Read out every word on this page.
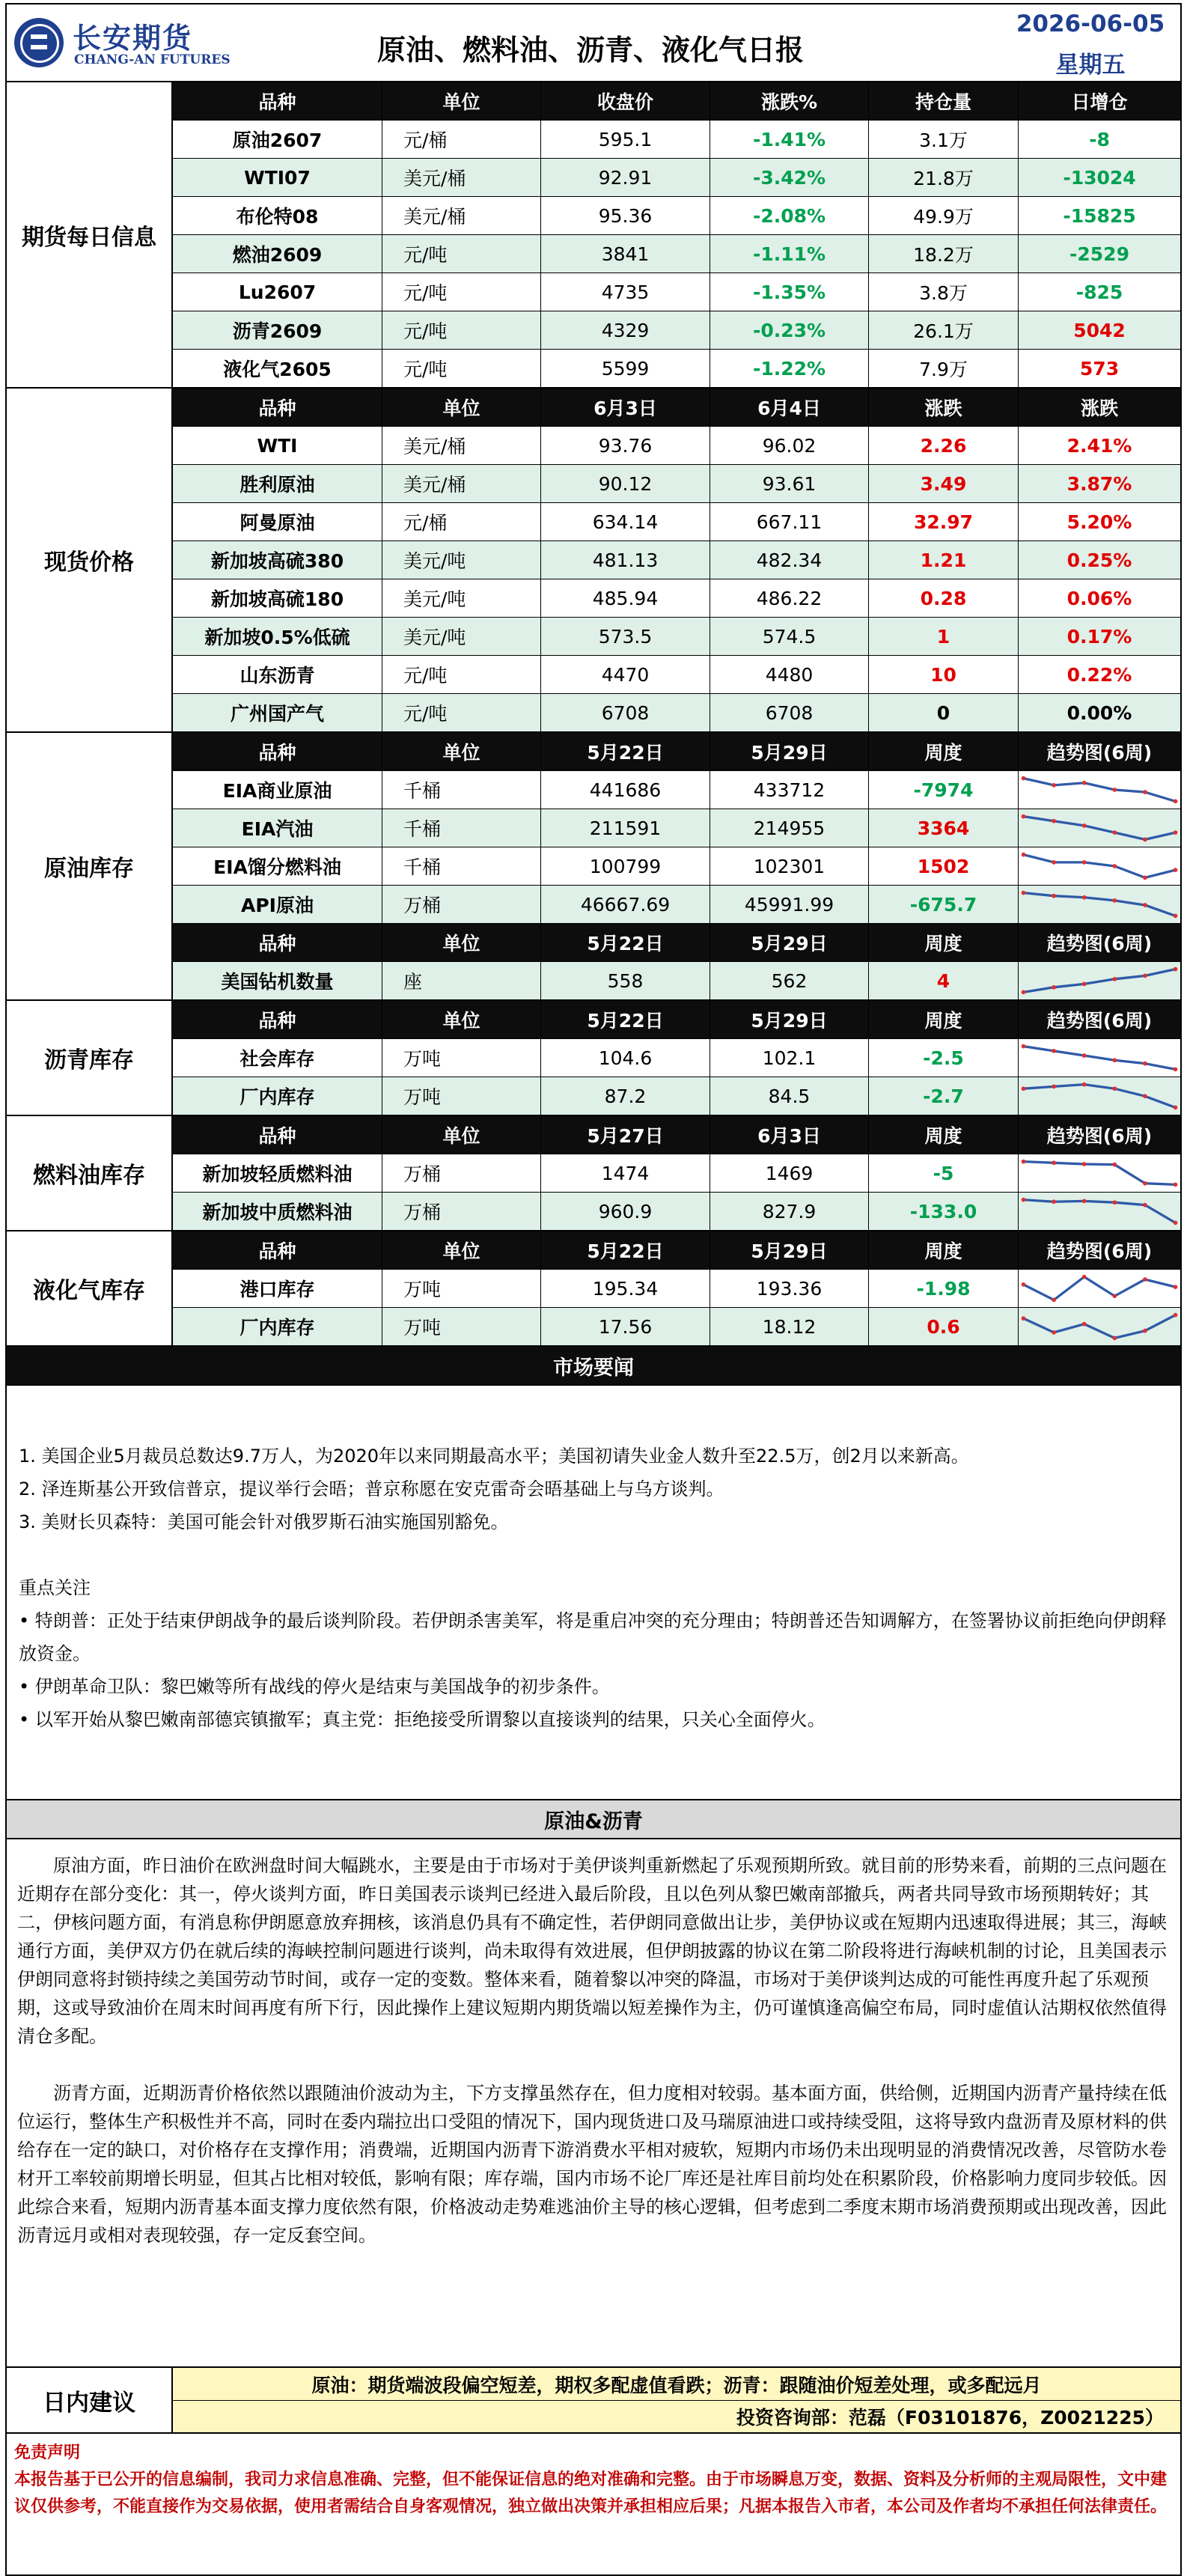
长安期货
CHANG-AN FUTURES	原油、燃料油、沥青、液化气日报
2026-06-05
星期五
期货每日信息
品种	单位	收盘价	涨跌%	持仓量	日增仓
原油2607	元/桶	595.1	-1.41%	3.1万	-8
WTI07	美元/桶	92.91	-3.42%	21.8万	-13024
布伦特08	美元/桶	95.36	-2.08%	49.9万	-15825
燃油2609	元/吨	3841	-1.11%	18.2万	-2529
Lu2607	元/吨	4735	-1.35%	3.8万	-825
沥青2609	元/吨	4329	-0.23%	26.1万	5042
液化气2605	元/吨	5599	-1.22%	7.9万	573
现货价格
品种	单位	6月3日	6月4日	涨跌	涨跌
WTI	美元/桶	93.76	96.02	2.26	2.41%
胜利原油	美元/桶	90.12	93.61	3.49	3.87%
阿曼原油	元/桶	634.14	667.11	32.97	5.20%
新加坡高硫380	美元/吨	481.13	482.34	1.21	0.25%
新加坡高硫180	美元/吨	485.94	486.22	0.28	0.06%
新加坡0.5%低硫	美元/吨	573.5	574.5	1	0.17%
山东沥青	元/吨	4470	4480	10	0.22%
广州国产气	元/吨	6708	6708	0	0.00%
原油库存
品种	单位	5月22日	5月29日	周度	趋势图(6周)
EIA商业原油	千桶	441686	433712	-7974
EIA汽油	千桶	211591	214955	3364
EIA馏分燃料油	千桶	100799	102301	1502
API原油	万桶	46667.69	45991.99	-675.7
品种	单位	5月22日	5月29日	周度	趋势图(6周)
美国钻机数量	座	558	562	4
沥青库存
品种	单位	5月22日	5月29日	周度	趋势图(6周)
社会库存	万吨	104.6	102.1	-2.5
厂内库存	万吨	87.2	84.5	-2.7
燃料油库存
品种	单位	5月27日	6月3日	周度	趋势图(6周)
新加坡轻质燃料油	万桶	1474	1469	-5
新加坡中质燃料油	万桶	960.9	827.9	-133.0
液化气库存
品种	单位	5月22日	5月29日	周度	趋势图(6周)
港口库存	万吨	195.34	193.36	-1.98
厂内库存	万吨	17.56	18.12	0.6
市场要闻

1. 美国企业5月裁员总数达9.7万人，为2020年以来同期最高水平；美国初请失业金人数升至22.5万，创2月以来新高。

2. 泽连斯基公开致信普京，提议举行会晤；普京称愿在安克雷奇会晤基础上与乌方谈判。

3. 美财长贝森特：美国可能会针对俄罗斯石油实施国别豁免。

重点关注

• 特朗普：正处于结束伊朗战争的最后谈判阶段。若伊朗杀害美军，将是重启冲突的充分理由；特朗普还告知调解方，在签署协议前拒绝向伊朗释放资金。

• 伊朗革命卫队：黎巴嫩等所有战线的停火是结束与美国战争的初步条件。

• 以军开始从黎巴嫩南部德宾镇撤军；真主党：拒绝接受所谓黎以直接谈判的结果，只关心全面停火。

原油&沥青

原油方面，昨日油价在欧洲盘时间大幅跳水，主要是由于市场对于美伊谈判重新燃起了乐观预期所致。就目前的形势来看，前期的三点问题在近期存在部分变化：其一，停火谈判方面，昨日美国表示谈判已经进入最后阶段，且以色列从黎巴嫩南部撤兵，两者共同导致市场预期转好；其二，伊核问题方面，有消息称伊朗愿意放弃拥核，该消息仍具有不确定性，若伊朗同意做出让步，美伊协议或在短期内迅速取得进展；其三，海峡通行方面，美伊双方仍在就后续的海峡控制问题进行谈判，尚未取得有效进展，但伊朗披露的协议在第二阶段将进行海峡机制的讨论，且美国表示伊朗同意将封锁持续之美国劳动节时间，或存一定的变数。整体来看，随着黎以冲突的降温，市场对于美伊谈判达成的可能性再度升起了乐观预期，这或导致油价在周末时间再度有所下行，因此操作上建议短期内期货端以短差操作为主，仍可谨慎逢高偏空布局，同时虚值认沽期权依然值得清仓多配。

沥青方面，近期沥青价格依然以跟随油价波动为主，下方支撑虽然存在，但力度相对较弱。基本面方面，供给侧，近期国内沥青产量持续在低位运行，整体生产积极性并不高，同时在委内瑞拉出口受阻的情况下，国内现货进口及马瑞原油进口或持续受阻，这将导致内盘沥青及原材料的供给存在一定的缺口，对价格存在支撑作用；消费端，近期国内沥青下游消费水平相对疲软，短期内市场仍未出现明显的消费情况改善，尽管防水卷材开工率较前期增长明显，但其占比相对较低，影响有限；库存端，国内市场不论厂库还是社库目前均处在积累阶段，价格影响力度同步较低。因此综合来看，短期内沥青基本面支撑力度依然有限，价格波动走势难逃油价主导的核心逻辑，但考虑到二季度末期市场消费预期或出现改善，因此沥青远月或相对表现较强，存一定反套空间。

日内建议
原油：期货端波段偏空短差，期权多配虚值看跌；沥青：跟随油价短差处理，或多配远月
投资咨询部：范磊（F03101876，Z0021225）
免责声明
本报告基于已公开的信息编制，我司力求信息准确、完整，但不能保证信息的绝对准确和完整。由于市场瞬息万变，数据、资料及分析师的主观局限性，文中建议仅供参考，不能直接作为交易依据，使用者需结合自身客观情况，独立做出决策并承担相应后果；凡据本报告入市者，本公司及作者均不承担任何法律责任。
